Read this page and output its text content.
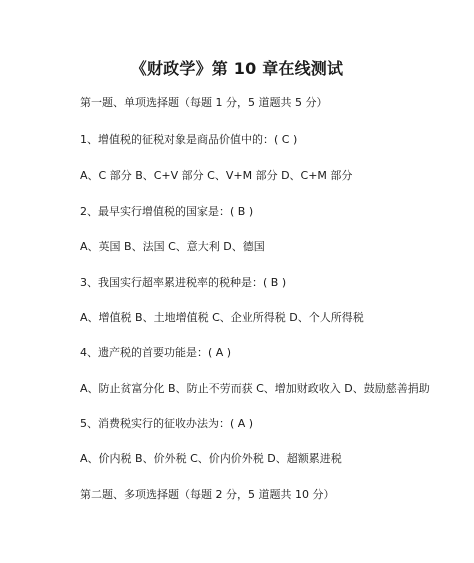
《财政学》第 10 章在线测试
第一题、单项选择题（每题 1 分，5 道题共 5 分）
1、增值税的征税对象是商品价值中的：( C )
A、C 部分 B、C+V 部分 C、V+M 部分 D、C+M 部分
2、最早实行增值税的国家是：( B )
A、英国 B、法国 C、意大利 D、德国
3、我国实行超率累进税率的税种是：( B )
A、增值税 B、土地增值税 C、企业所得税 D、个人所得税
4、遗产税的首要功能是：( A )
A、防止贫富分化 B、防止不劳而获 C、增加财政收入 D、鼓励慈善捐助
5、消费税实行的征收办法为：( A )
A、价内税 B、价外税 C、价内价外税 D、超额累进税
第二题、多项选择题（每题 2 分，5 道题共 10 分）
